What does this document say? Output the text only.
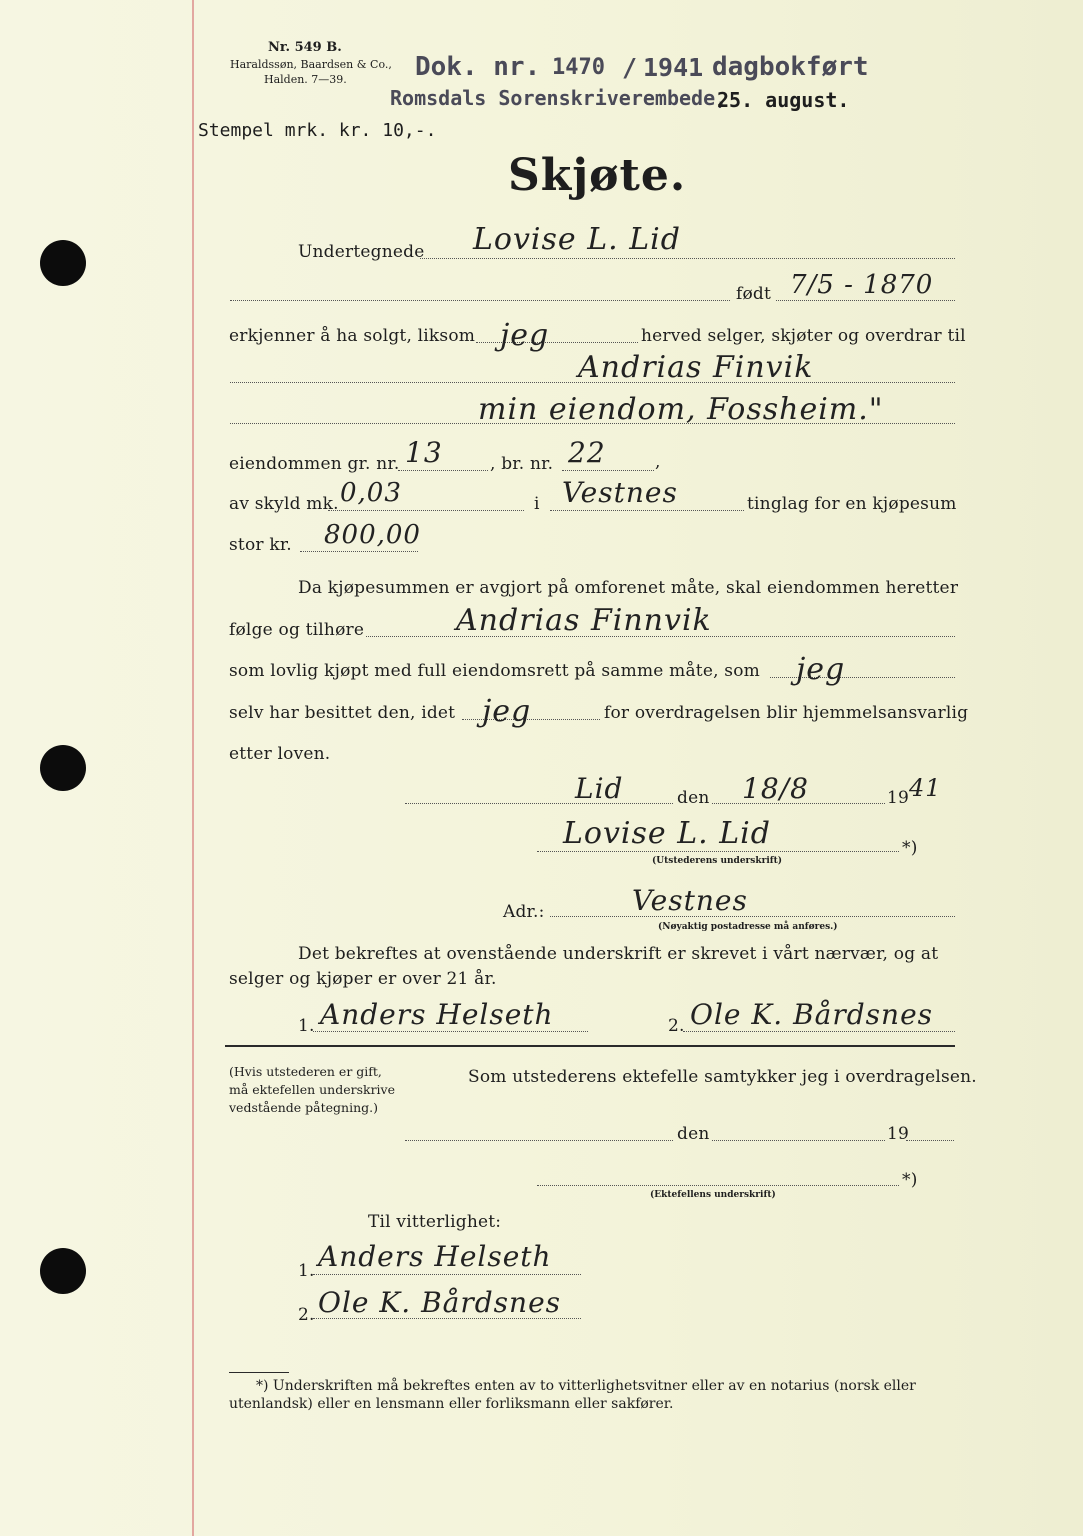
Nr. 549 B.
Haraldssøn, Baardsen & Co.,
Halden. 7—39.	Dok. nr. 1470 / 1941 dagbokført
Romsdals Sorenskriverembede,
25. august.
Stempel mrk. kr. 10,-.
Skjøte.
Undertegnede Lovise L. Lid
født 7/5 - 1870
erkjenner å ha solgt, liksom jeg	herved selger, skjøter og overdrar til
Andrias Finvik
min eiendom, Fossheim."
eiendommen gr. nr. 13	, br. nr. 22	,
av skyld mk. 0,03	i Vestnes	tinglag for en kjøpesum
stor kr. 800,00
Da kjøpesummen er avgjort på omforenet måte, skal eiendommen heretter
følge og tilhøre	Andrias Finnvik
som lovlig kjøpt med full eiendomsrett på samme måte, som jeg
selv har besittet den, idet jeg	for overdragelsen blir hjemmelsansvarlig
etter loven.
Lid	den 18/8	19 41
Lovise L. Lid	*)
(Utstederens underskrift)
Adr.:	Vestnes
(Nøyaktig postadresse må anføres.)
Det bekreftes at ovenstående underskrift er skrevet i vårt nærvær, og at
selger og kjøper er over 21 år.
1. Anders Helseth	2. Ole K. Bårdsnes
(Hvis utstederen er gift,
må ektefellen underskrive
vedstående påtegning.)
Som utstederens ektefelle samtykker jeg i overdragelsen.
den	19
*)
(Ektefellens underskrift)
Til vitterlighet:
1. Anders Helseth
2. Ole K. Bårdsnes
*) Underskriften må bekreftes enten av to vitterlighetsvitner eller av en notarius (norsk eller
utenlandsk) eller en lensmann eller forliksmann eller sakfører.
